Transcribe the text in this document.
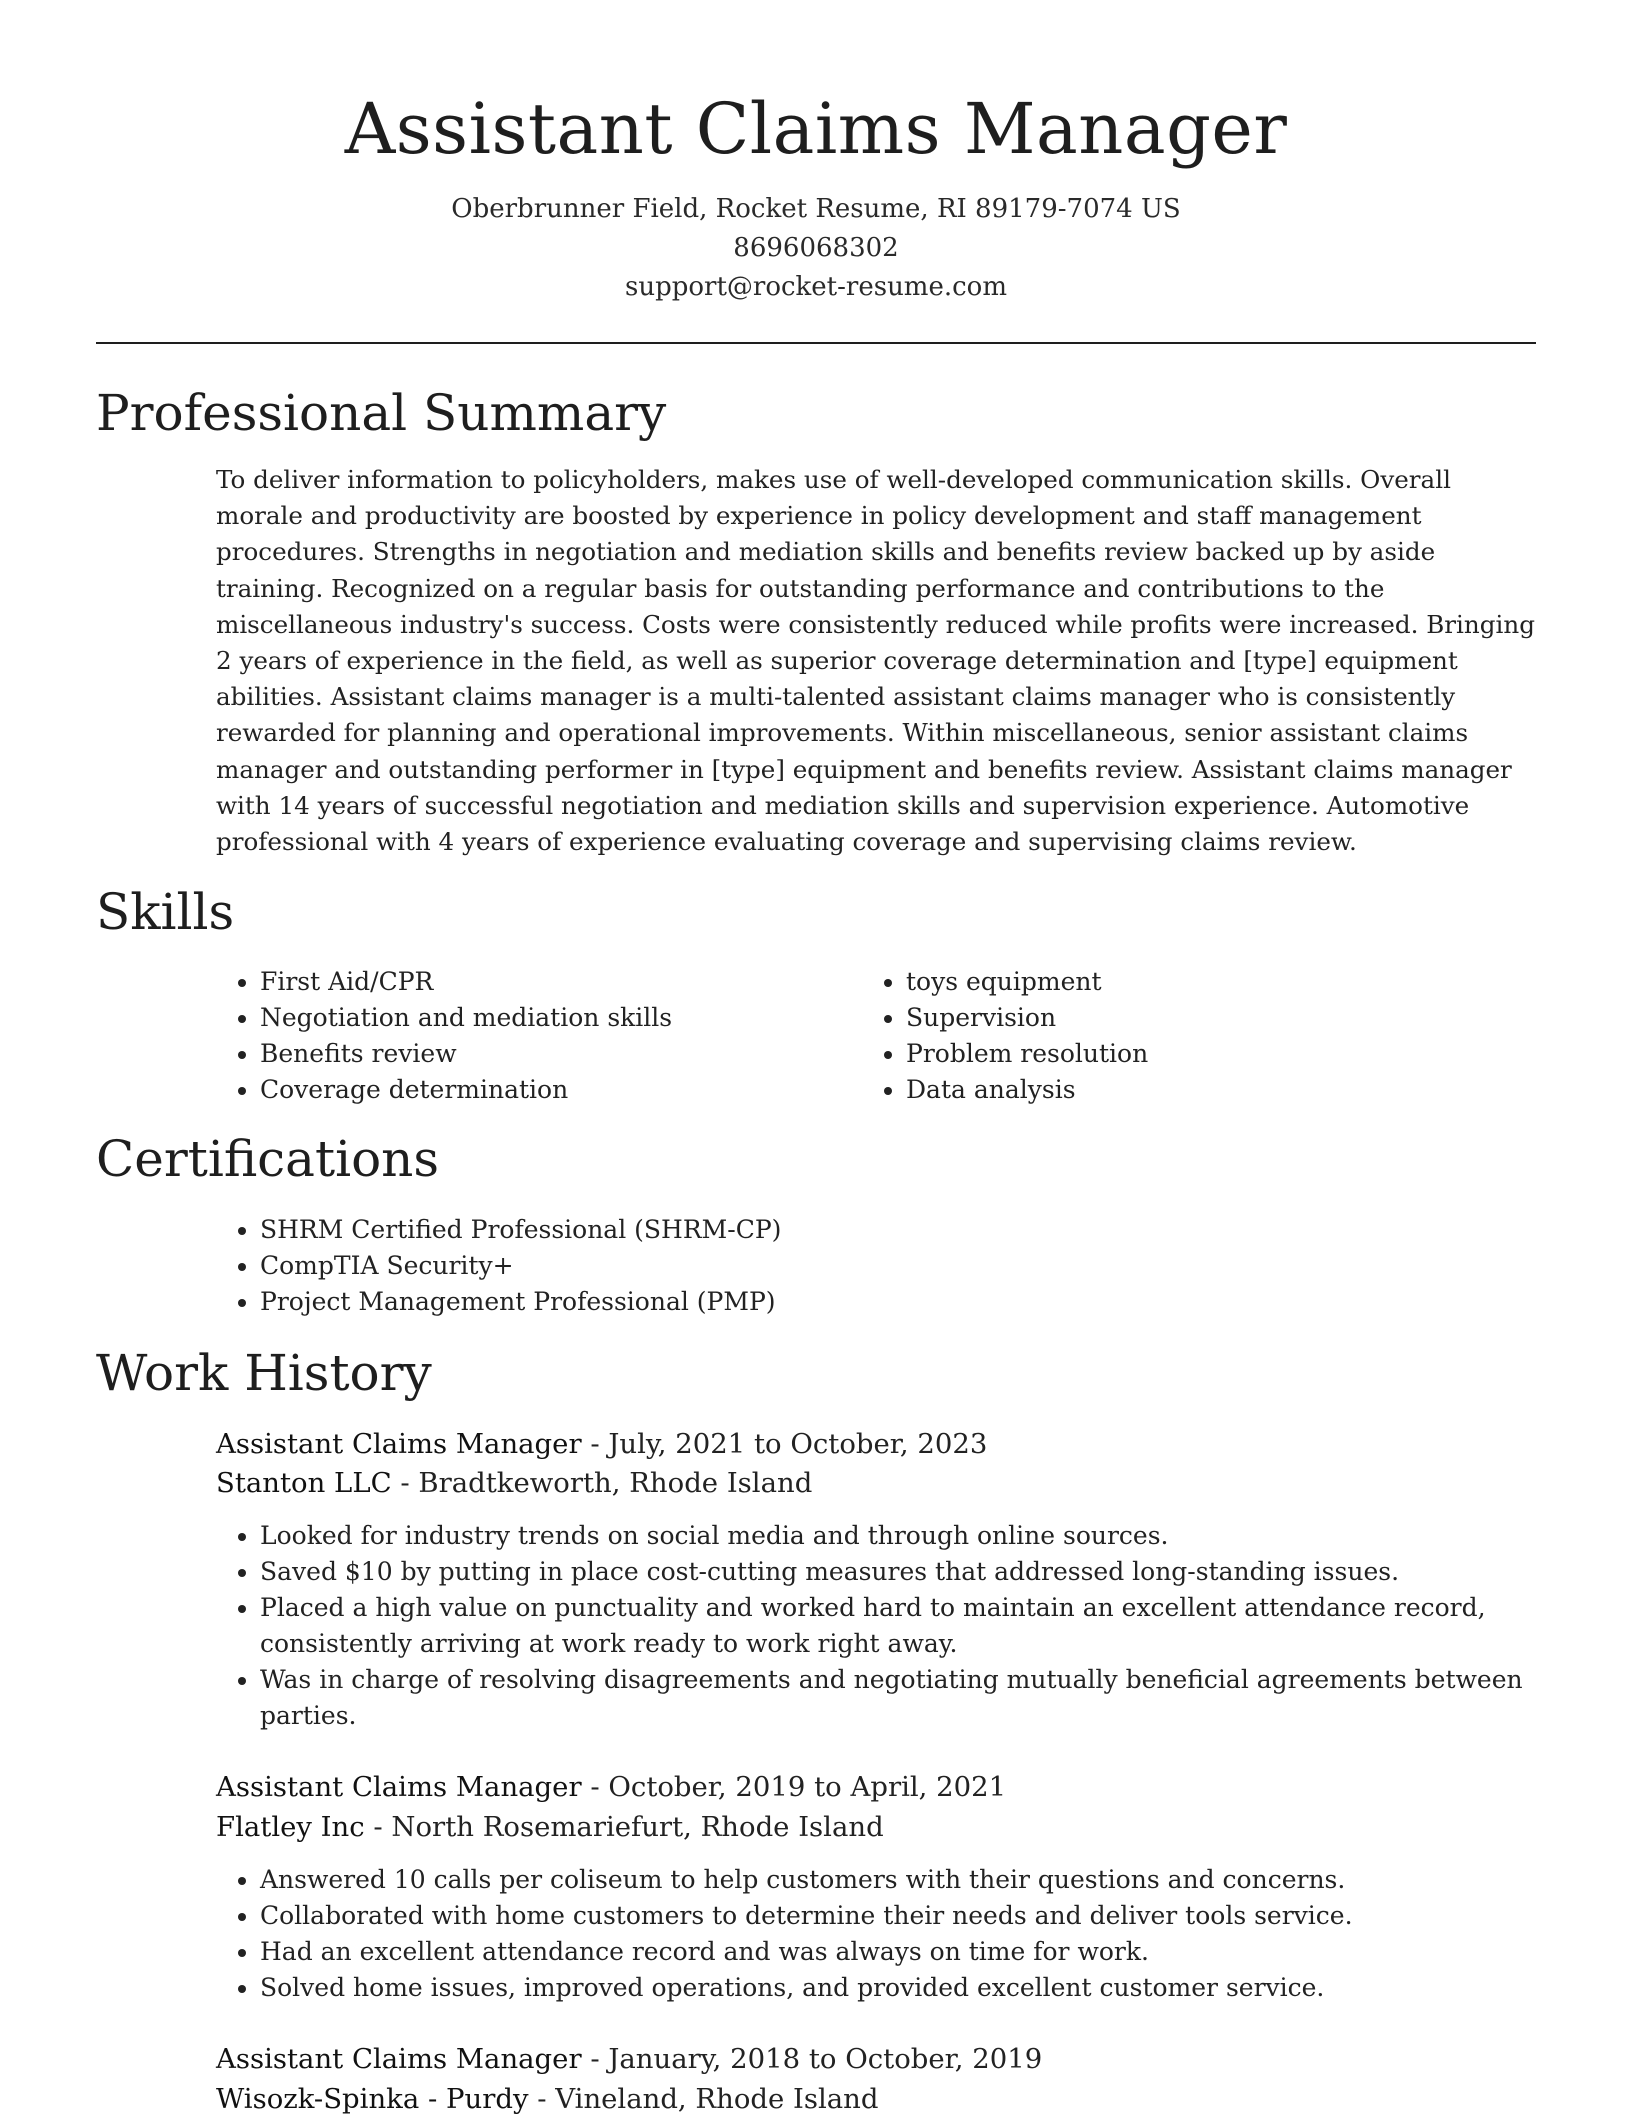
Assistant Claims Manager
Oberbrunner Field, Rocket Resume, RI 89179-7074 US
8696068302
support@rocket-resume.com
Professional Summary

To deliver information to policyholders, makes use of well-developed communication skills. Overall morale and productivity are boosted by experience in policy development and staff management procedures. Strengths in negotiation and mediation skills and benefits review backed up by aside training. Recognized on a regular basis for outstanding performance and contributions to the miscellaneous industry's success. Costs were consistently reduced while profits were increased. Bringing 2 years of experience in the field, as well as superior coverage determination and [type] equipment abilities. Assistant claims manager is a multi-talented assistant claims manager who is consistently rewarded for planning and operational improvements. Within miscellaneous, senior assistant claims manager and outstanding performer in [type] equipment and benefits review. Assistant claims manager with 14 years of successful negotiation and mediation skills and supervision experience. Automotive professional with 4 years of experience evaluating coverage and supervising claims review.

Skills
• First Aid/CPR
• Negotiation and mediation skills
• Benefits review
• Coverage determination
• toys equipment
• Supervision
• Problem resolution
• Data analysis
Certifications
• SHRM Certified Professional (SHRM-CP)
• CompTIA Security+
• Project Management Professional (PMP)
Work History
Assistant Claims Manager - July, 2021 to October, 2023
Stanton LLC - Bradtkeworth, Rhode Island
• Looked for industry trends on social media and through online sources.
• Saved $10 by putting in place cost-cutting measures that addressed long-standing issues.
• Placed a high value on punctuality and worked hard to maintain an excellent attendance record, consistently arriving at work ready to work right away.
• Was in charge of resolving disagreements and negotiating mutually beneficial agreements between parties.
Assistant Claims Manager - October, 2019 to April, 2021
Flatley Inc - North Rosemariefurt, Rhode Island
• Answered 10 calls per coliseum to help customers with their questions and concerns.
• Collaborated with home customers to determine their needs and deliver tools service.
• Had an excellent attendance record and was always on time for work.
• Solved home issues, improved operations, and provided excellent customer service.
Assistant Claims Manager - January, 2018 to October, 2019
Wisozk-Spinka - Purdy - Vineland, Rhode Island
